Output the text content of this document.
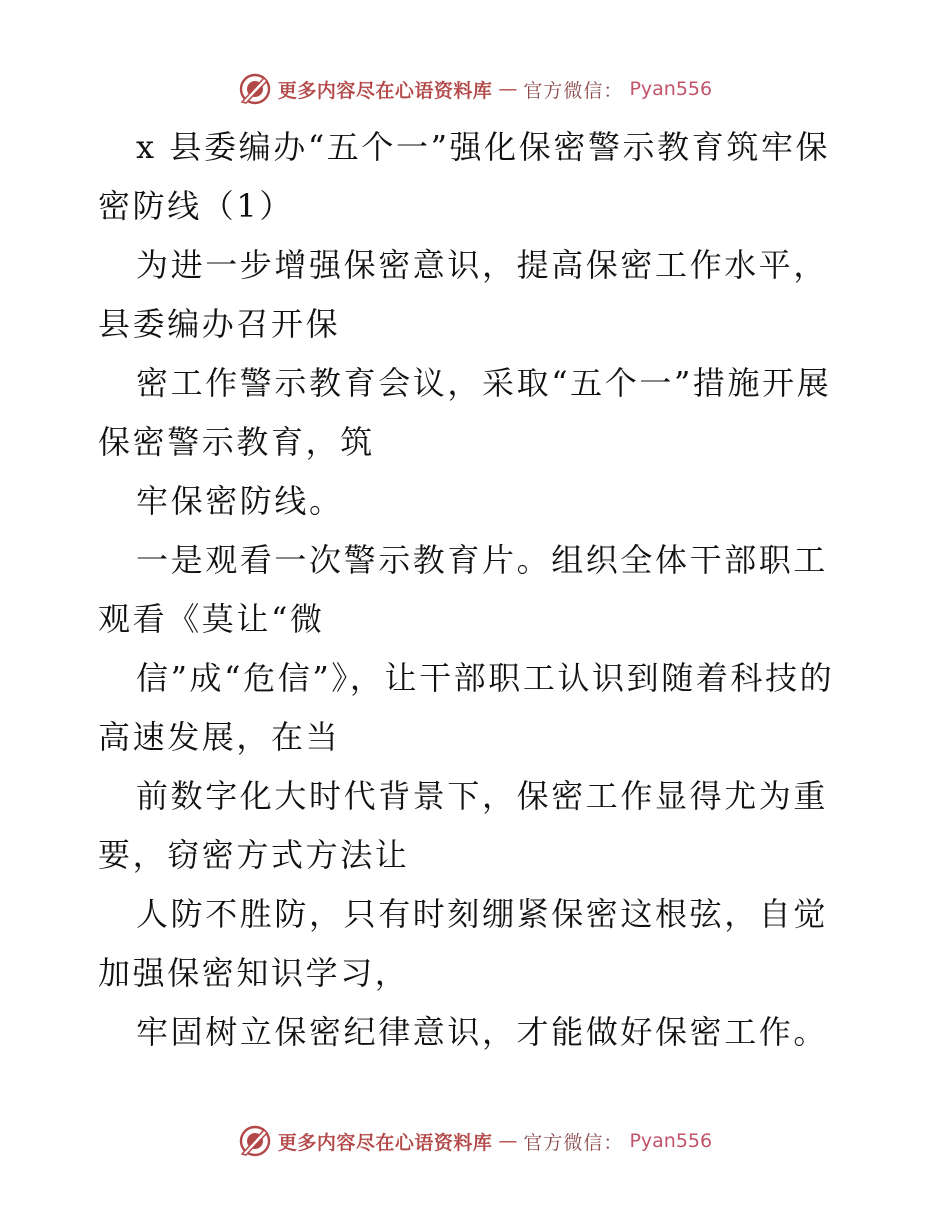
更多内容尽在心语资料库 — 官方微信： Pyan556

x 县委编办“五个一”强化保密警示教育筑牢保密防线（1）

为进一步增强保密意识，提高保密工作水平，县委编办召开保

密工作警示教育会议，采取“五个一”措施开展保密警示教育，筑

牢保密防线。

一是观看一次警示教育片。组织全体干部职工观看《莫让“微

信”成“危信”》，让干部职工认识到随着科技的高速发展，在当

前数字化大时代背景下，保密工作显得尤为重要，窃密方式方法让

人防不胜防，只有时刻绷紧保密这根弦，自觉加强保密知识学习，

牢固树立保密纪律意识，才能做好保密工作。

更多内容尽在心语资料库 — 官方微信： Pyan556
